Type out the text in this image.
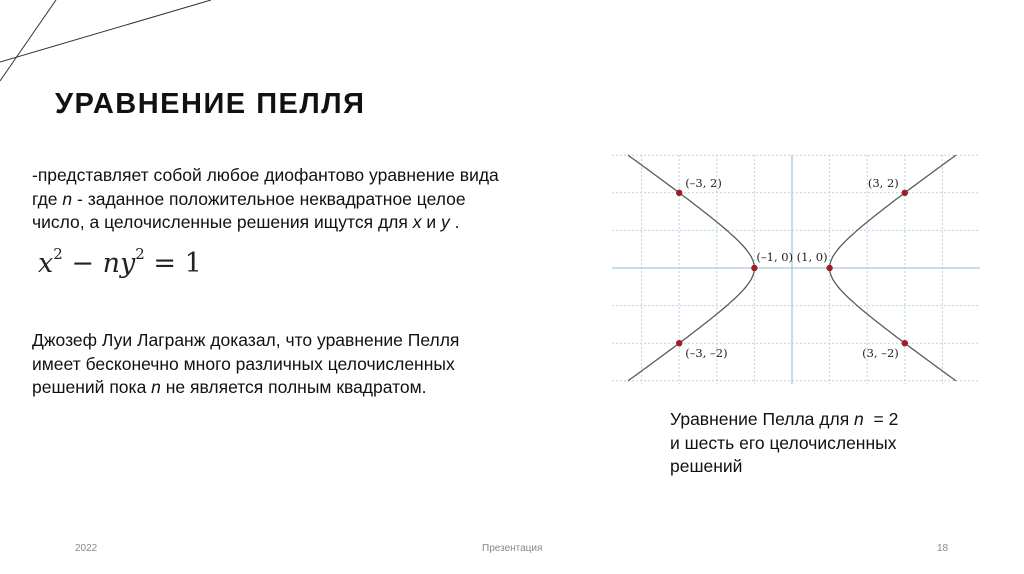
УРАВНЕНИЕ ПЕЛЛЯ
-представляет собой любое диофантово уравнение вида
где n - заданное положительное неквадратное целое
число, а целочисленные решения ищутся для x и y .
$x^2 - ny^2 = 1$
Джозеф Луи Лагранж доказал, что уравнение Пелля
имеет бесконечно много различных целочисленных
решений пока n не является полным квадратом.
(–3, 2)	(3, 2)
(–1, 0) (1, 0)
(–3, –2)	(3, –2)
Уравнение Пелла для n  = 2
и шесть его целочисленных
решений
2022	Презентация	18
